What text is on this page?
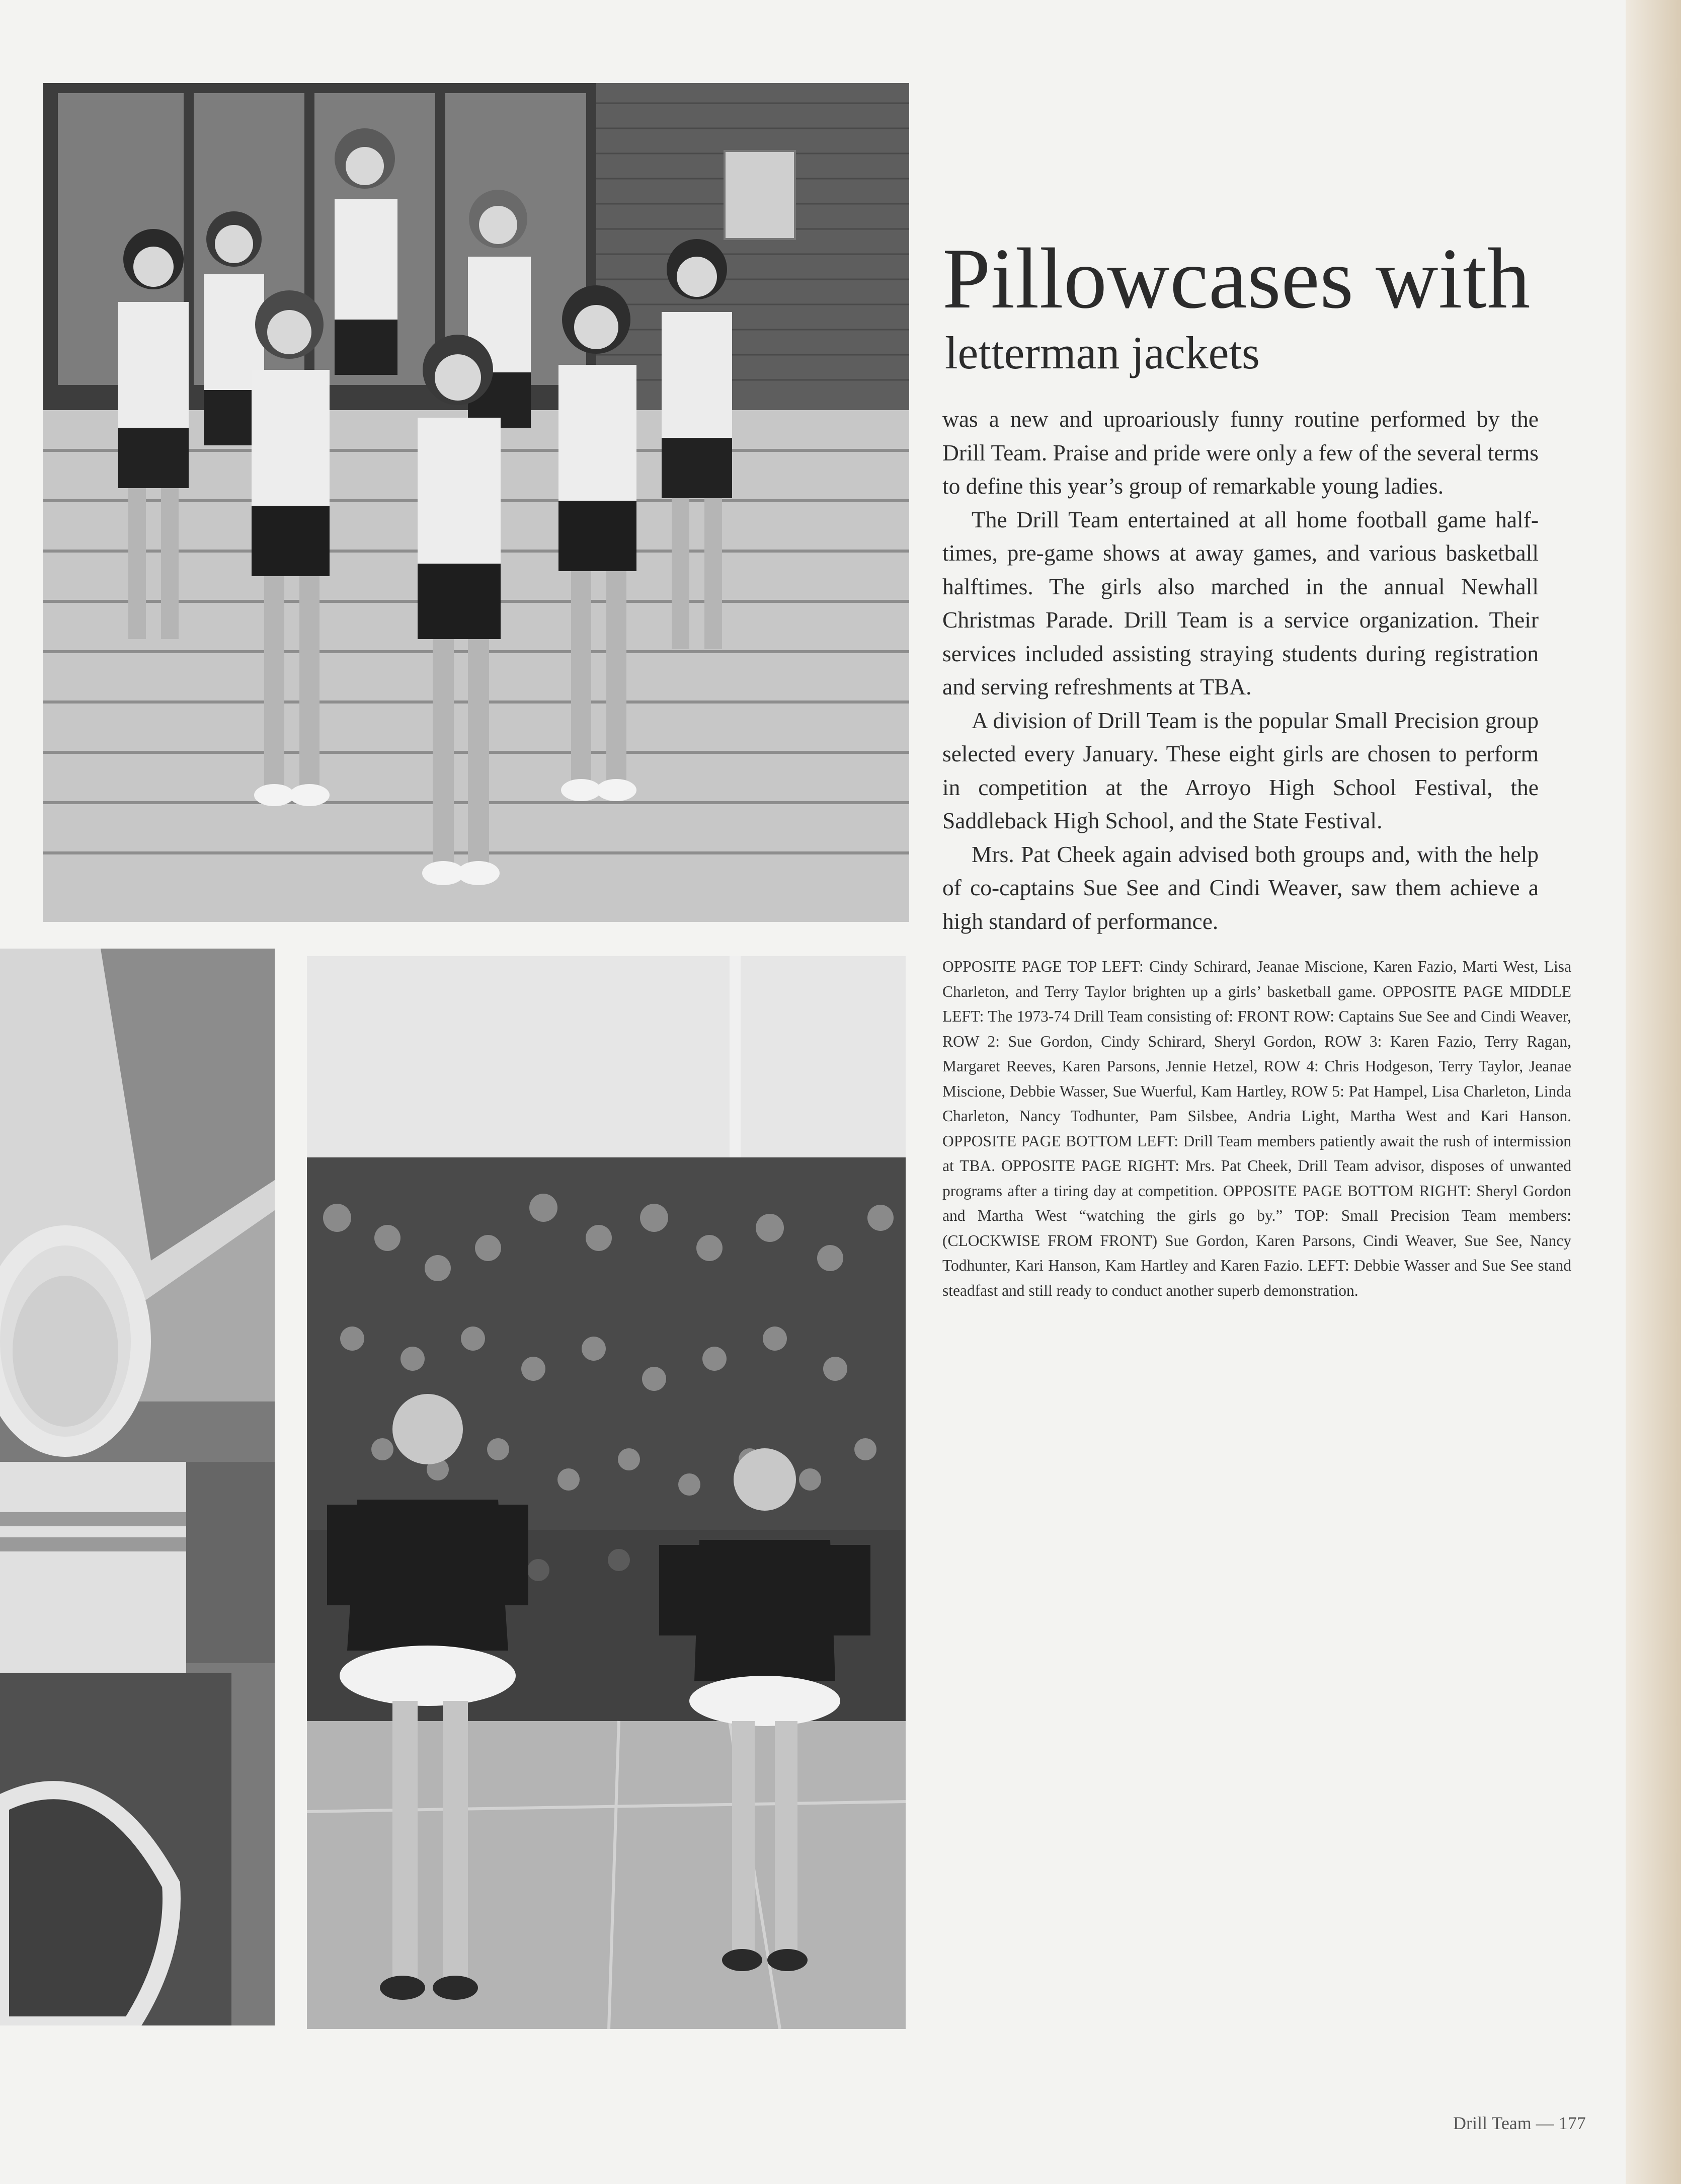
Pillowcases with
letterman jackets

was a new and uproariously funny routine performed by the Drill Team. Praise and pride were only a few of the several terms to define this year’s group of remarkable young ladies.

The Drill Team entertained at all home football game half-times, pre-game shows at away games, and various basketball halftimes. The girls also marched in the annual Newhall Christmas Parade. Drill Team is a service organization. Their services included assisting straying students during registration and serving refreshments at TBA.

A division of Drill Team is the popular Small Precision group selected every January. These eight girls are chosen to perform in competition at the Arroyo High School Festival, the Saddleback High School, and the State Festival.

Mrs. Pat Cheek again advised both groups and, with the help of co-captains Sue See and Cindi Weaver, saw them achieve a high standard of performance.

OPPOSITE PAGE TOP LEFT: Cindy Schirard, Jeanae Miscione, Karen Fazio, Marti West, Lisa Charleton, and Terry Taylor brighten up a girls’ basketball game. OPPOSITE PAGE MIDDLE LEFT: The 1973-74 Drill Team consisting of: FRONT ROW: Captains Sue See and Cindi Weaver, ROW 2: Sue Gordon, Cindy Schirard, Sheryl Gordon, ROW 3: Karen Fazio, Terry Ragan, Margaret Reeves, Karen Parsons, Jennie Hetzel, ROW 4: Chris Hodgeson, Terry Taylor, Jeanae Miscione, Debbie Wasser, Sue Wuerful, Kam Hartley, ROW 5: Pat Hampel, Lisa Charleton, Linda Charleton, Nancy Todhunter, Pam Silsbee, Andria Light, Martha West and Kari Hanson. OPPOSITE PAGE BOTTOM LEFT: Drill Team members patiently await the rush of intermission at TBA. OPPOSITE PAGE RIGHT: Mrs. Pat Cheek, Drill Team advisor, disposes of unwanted programs after a tiring day at competition. OPPOSITE PAGE BOTTOM RIGHT: Sheryl Gordon and Martha West “watching the girls go by.” TOP: Small Precision Team members: (CLOCKWISE FROM FRONT) Sue Gordon, Karen Parsons, Cindi Weaver, Sue See, Nancy Todhunter, Kari Hanson, Kam Hartley and Karen Fazio. LEFT: Debbie Wasser and Sue See stand steadfast and still ready to conduct another superb demonstration.
Drill Team — 177
